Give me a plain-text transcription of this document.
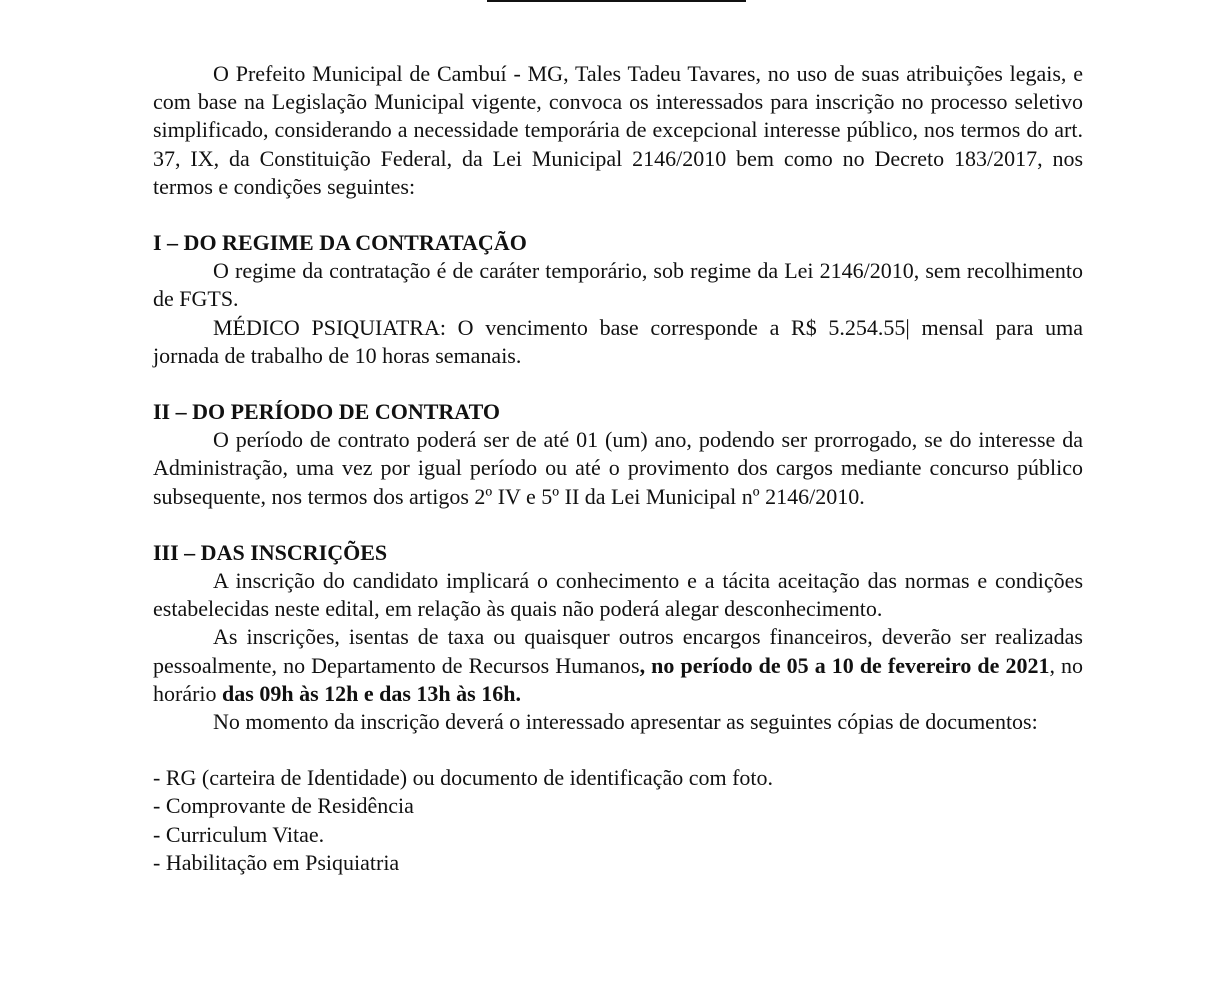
O Prefeito Municipal de Cambuí - MG, Tales Tadeu Tavares, no uso de suas atribuições legais, e com base na Legislação Municipal vigente, convoca os interessados para inscrição no processo seletivo simplificado, considerando a necessidade temporária de excepcional interesse público, nos termos do art. 37, IX, da Constituição Federal, da Lei Municipal 2146/2010 bem como no Decreto 183/2017, nos termos e condições seguintes:

I – DO REGIME DA CONTRATAÇÃO

O regime da contratação é de caráter temporário, sob regime da Lei 2146/2010, sem recolhimento de FGTS.

MÉDICO PSIQUIATRA: O vencimento base corresponde a R$ 5.254.55| mensal para uma jornada de trabalho de 10 horas semanais.

II – DO PERÍODO DE CONTRATO

O período de contrato poderá ser de até 01 (um) ano, podendo ser prorrogado, se do interesse da Administração, uma vez por igual período ou até o provimento dos cargos mediante concurso público subsequente, nos termos dos artigos 2º IV e 5º II da Lei Municipal nº 2146/2010.

III – DAS INSCRIÇÕES

A inscrição do candidato implicará o conhecimento e a tácita aceitação das normas e condições estabelecidas neste edital, em relação às quais não poderá alegar desconhecimento.

As inscrições, isentas de taxa ou quaisquer outros encargos financeiros, deverão ser realizadas pessoalmente, no Departamento de Recursos Humanos, no período de 05 a 10 de fevereiro de 2021, no horário das 09h às 12h e das 13h às 16h.

No momento da inscrição deverá o interessado apresentar as seguintes cópias de documentos:

- RG (carteira de Identidade) ou documento de identificação com foto.
- Comprovante de Residência
- Curriculum Vitae.
- Habilitação em Psiquiatria
